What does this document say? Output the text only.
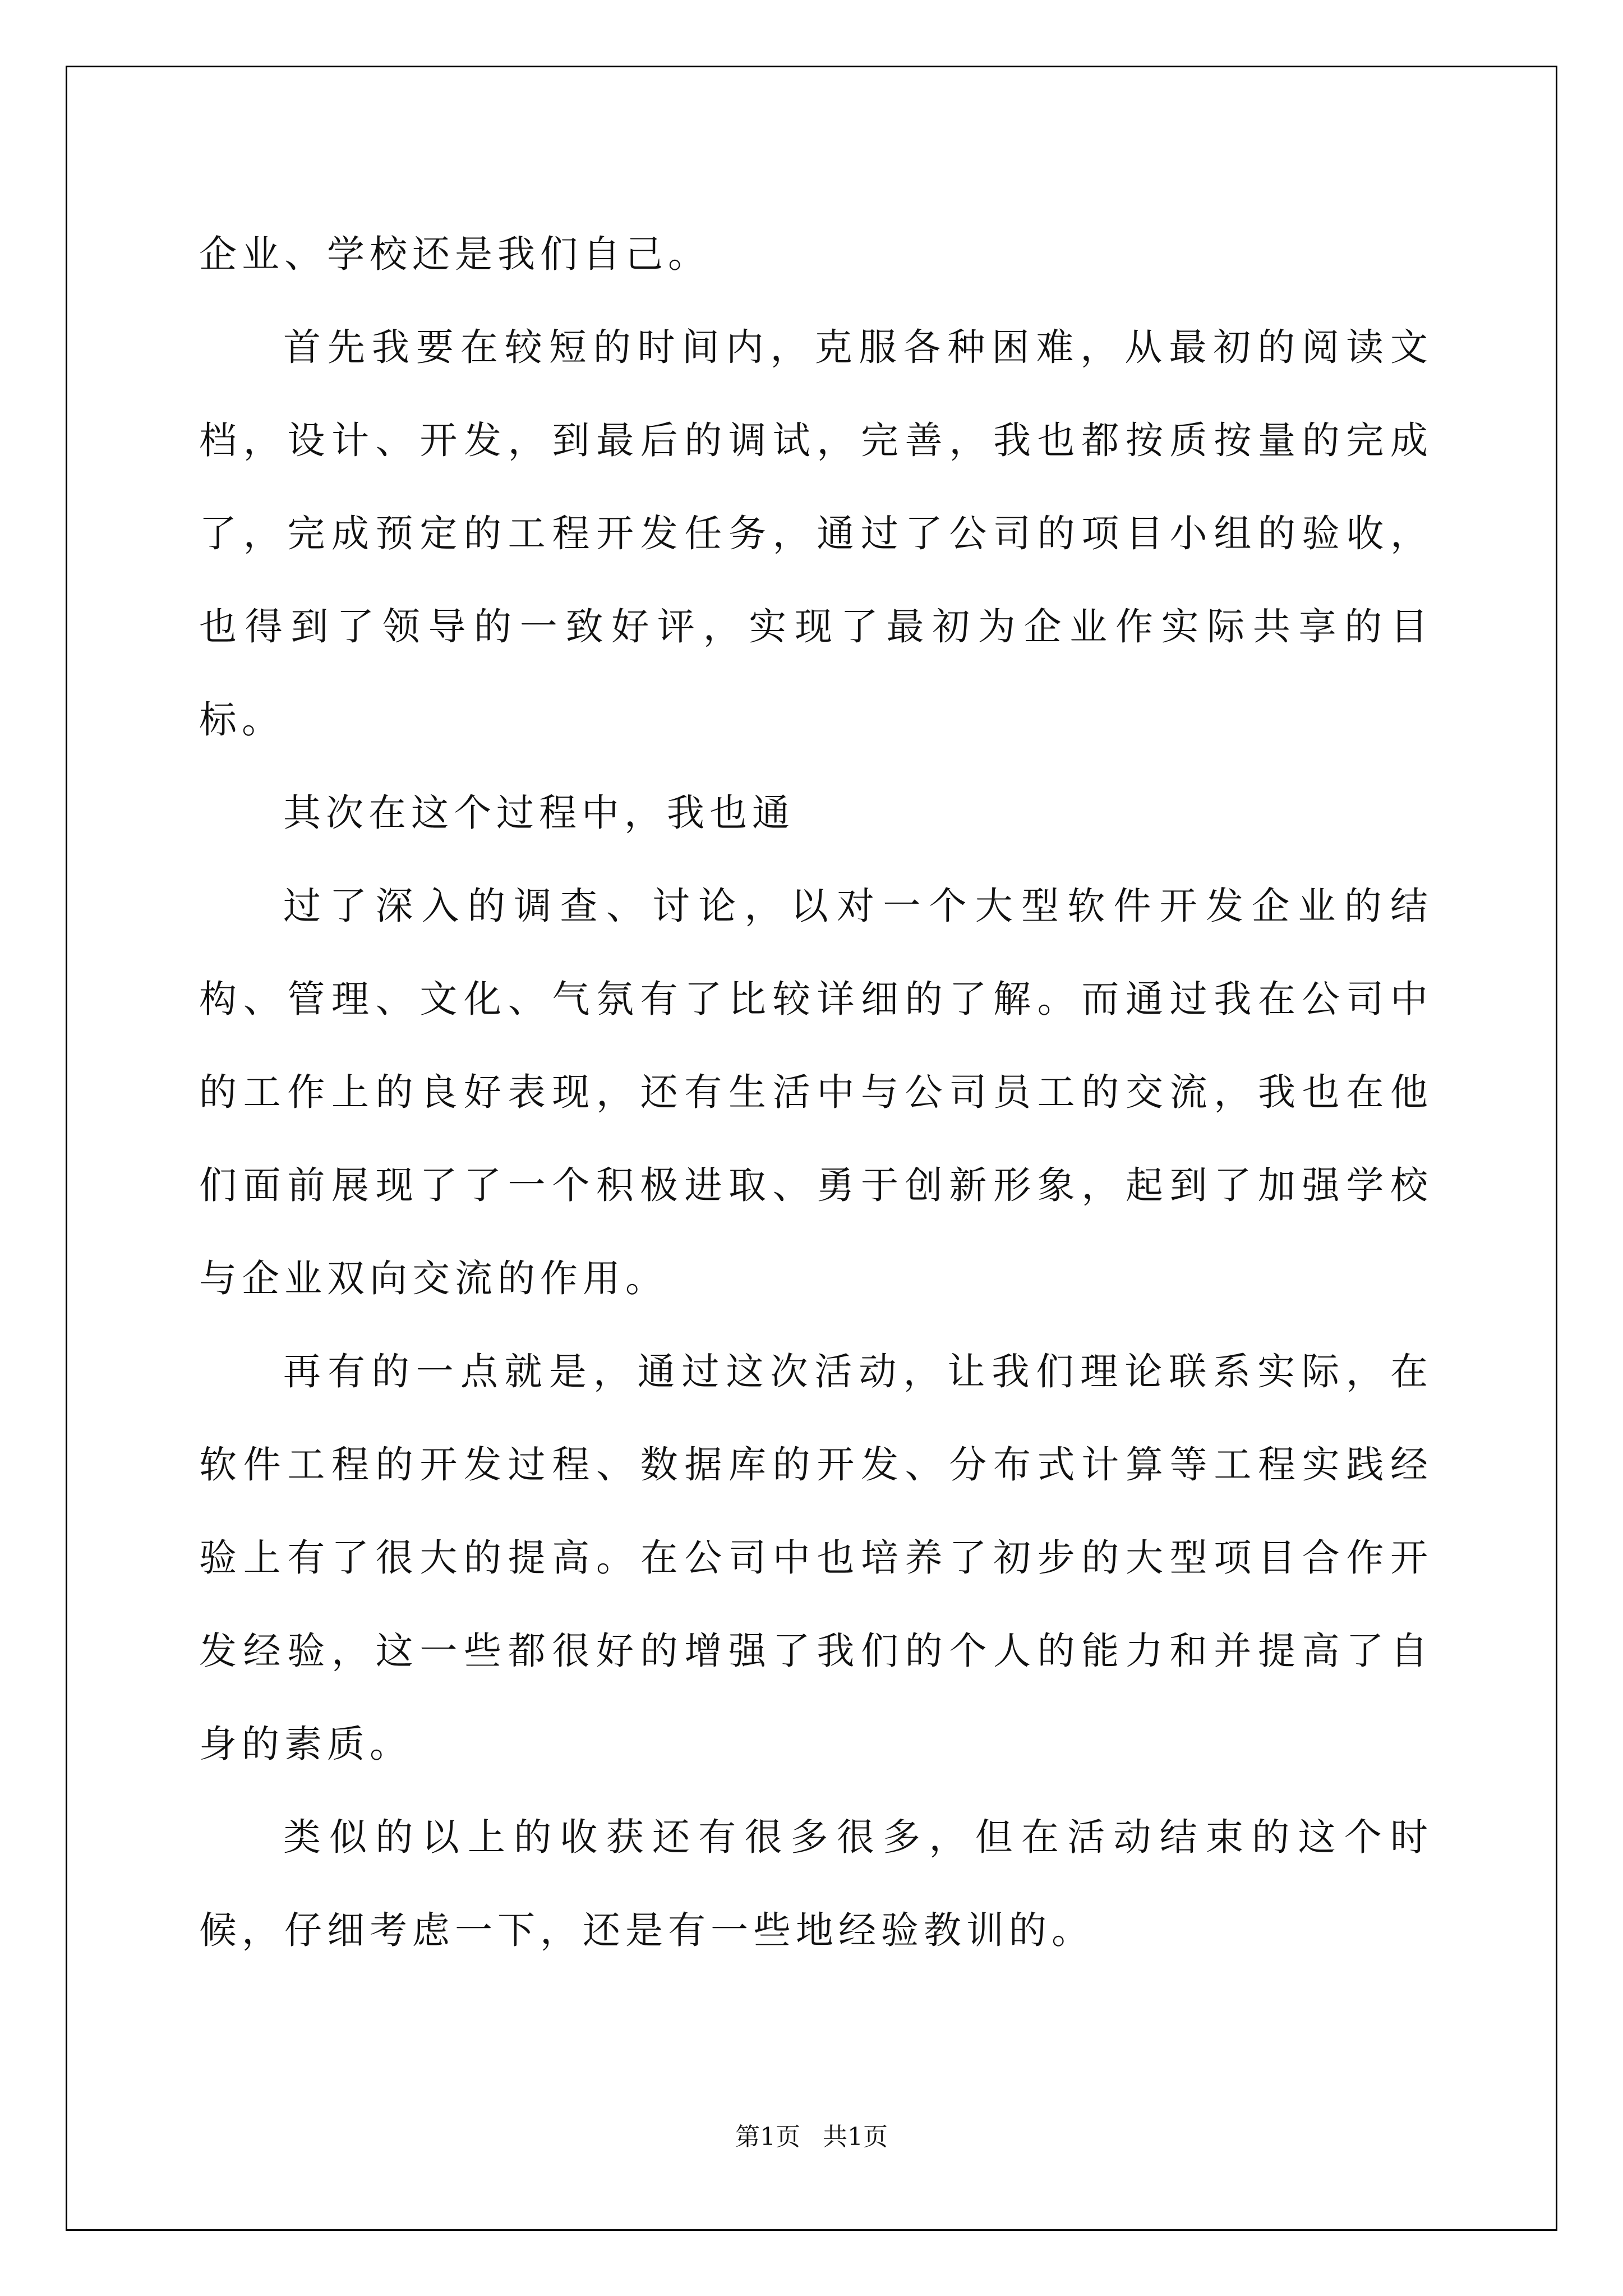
企业、学校还是我们自己。

首先我要在较短的时间内，克服各种困难，从最初的阅读文档，设计、开发，到最后的调试，完善，我也都按质按量的完成了，完成预定的工程开发任务，通过了公司的项目小组的验收，也得到了领导的一致好评，实现了最初为企业作实际共享的目标。

其次在这个过程中，我也通

过了深入的调查、讨论，以对一个大型软件开发企业的结构、管理、文化、气氛有了比较详细的了解。而通过我在公司中的工作上的良好表现，还有生活中与公司员工的交流，我也在他们面前展现了了一个积极进取、勇于创新形象，起到了加强学校与企业双向交流的作用。

再有的一点就是，通过这次活动，让我们理论联系实际，在软件工程的开发过程、数据库的开发、分布式计算等工程实践经验上有了很大的提高。在公司中也培养了初步的大型项目合作开发经验，这一些都很好的增强了我们的个人的能力和并提高了自身的素质。

类似的以上的收获还有很多很多，但在活动结束的这个时候，仔细考虑一下，还是有一些地经验教训的。

第1页 共1页
